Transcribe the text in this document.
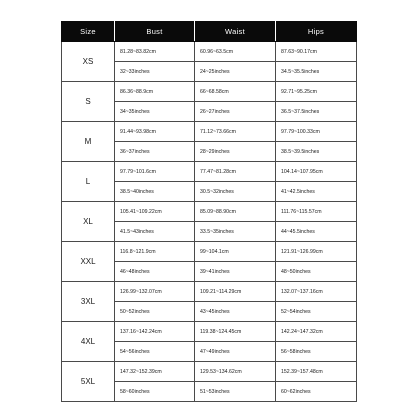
Size	Bust	Waist	Hips
XS	81.28~83.82cm	60.96~63.5cm	87.63~90.17cm
	32~33inches	24~25inches	34.5~35.5inches
S	86.36~88.9cm	66~68.58cm	92.71~95.25cm
	34~35inches	26~27inches	36.5~37.5inches
M	91.44~93.98cm	71.12~73.66cm	97.79~100.33cm
	36~37inches	28~29inches	38.5~39.5inches
L	97.79~101.6cm	77.47~81.28cm	104.14~107.95cm
	38.5~40inches	30.5~32inches	41~42.5inches
XL	105.41~109.22cm	85.09~88.90cm	111.76~115.57cm
	41.5~43inches	33.5~35inches	44~45.5inches
XXL	116.8~121.9cm	99~104.1cm	121.91~126.99cm
	46~48inches	39~41inches	48~50inches
3XL	126.99~132.07cm	109.21~114.29cm	132.07~137.16cm
	50~52inches	43~45inches	52~54inches
4XL	137.16~142.24cm	119.38~124.45cm	142.24~147.32cm
	54~56inches	47~49inches	56~58inches
5XL	147.32~152.39cm	129.53~134.62cm	152.39~157.48cm
	58~60inches	51~53inches	60~62inches
